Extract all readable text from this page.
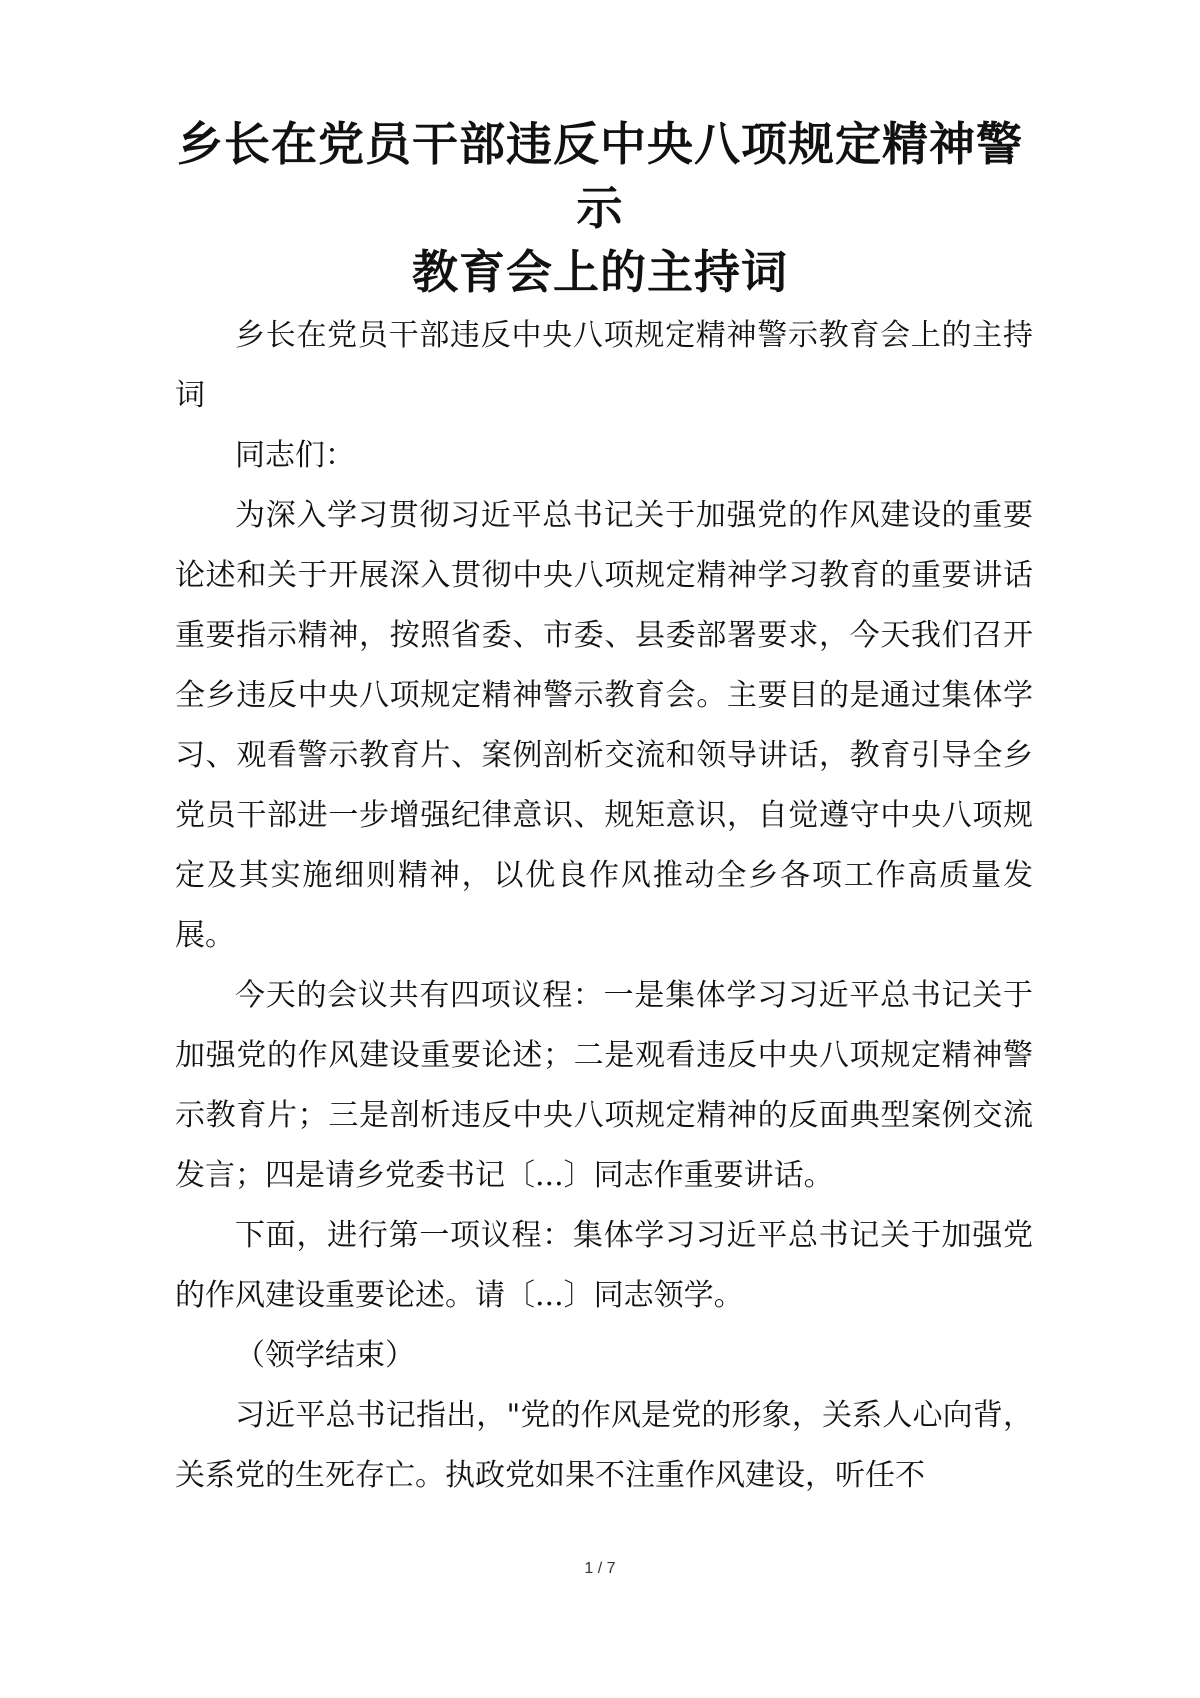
乡长在党员干部违反中央八项规定精神警示
教育会上的主持词

乡长在党员干部违反中央八项规定精神警示教育会上的主持词

同志们：

为深入学习贯彻习近平总书记关于加强党的作风建设的重要论述和关于开展深入贯彻中央八项规定精神学习教育的重要讲话重要指示精神，按照省委、市委、县委部署要求，今天我们召开全乡违反中央八项规定精神警示教育会。主要目的是通过集体学习、观看警示教育片、案例剖析交流和领导讲话，教育引导全乡党员干部进一步增强纪律意识、规矩意识，自觉遵守中央八项规定及其实施细则精神，以优良作风推动全乡各项工作高质量发展。

今天的会议共有四项议程：一是集体学习习近平总书记关于加强党的作风建设重要论述；二是观看违反中央八项规定精神警示教育片；三是剖析违反中央八项规定精神的反面典型案例交流发言；四是请乡党委书记〔...〕同志作重要讲话。

下面，进行第一项议程：集体学习习近平总书记关于加强党的作风建设重要论述。请〔...〕同志领学。

（领学结束）

习近平总书记指出，"党的作风是党的形象，关系人心向背，关系党的生死存亡。执政党如果不注重作风建设，听任不

1 / 7
